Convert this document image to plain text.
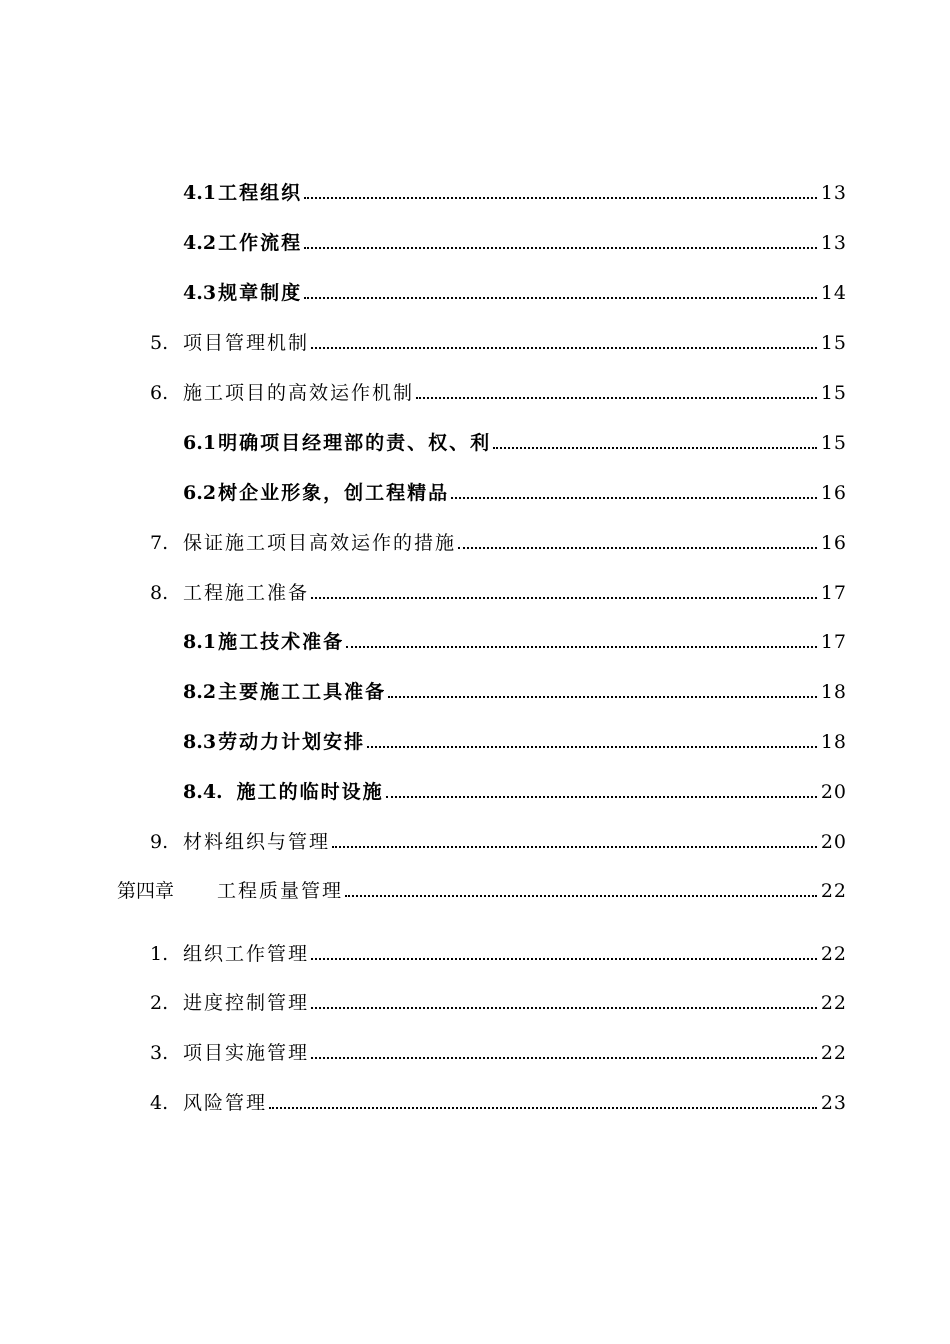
4.1 工程组织	13
4.2 工作流程	13
4.3 规章制度	14
5. 项目管理机制	15
6. 施工项目的高效运作机制	15
6.1 明确项目经理部的责、权、利	15
6.2 树企业形象，创工程精品	16
7. 保证施工项目高效运作的措施	16
8. 工程施工准备	17
8.1 施工技术准备	17
8.2 主要施工工具准备	18
8.3 劳动力计划安排	18
8.4. 施工的临时设施	20
9. 材料组织与管理	20
第四章	工程质量管理	22
1. 组织工作管理	22
2. 进度控制管理	22
3. 项目实施管理	22
4. 风险管理	23
